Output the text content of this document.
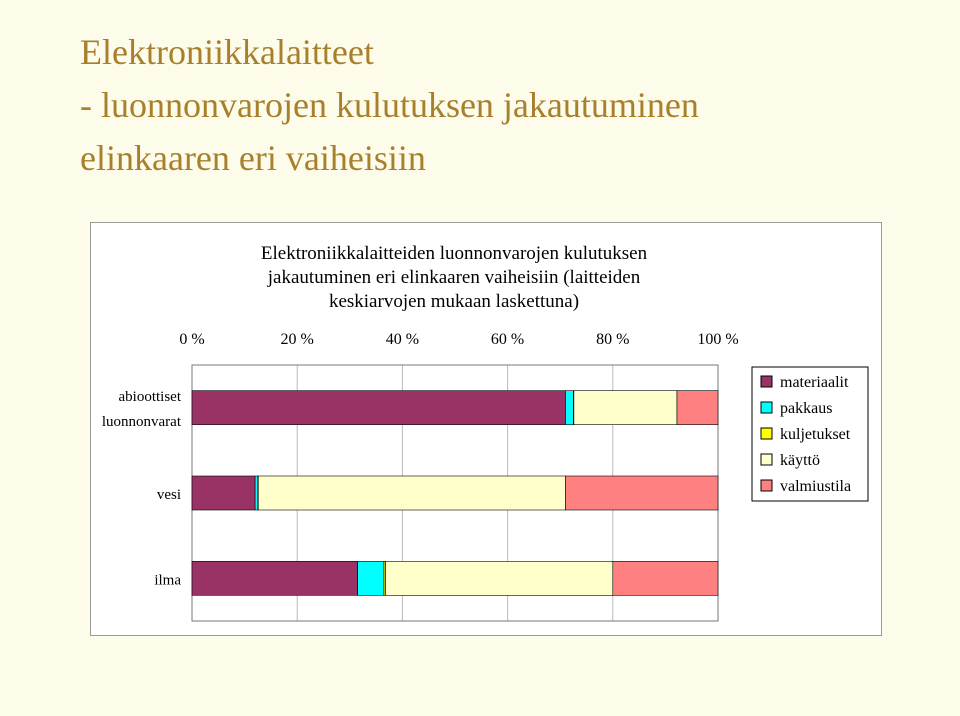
Elektroniikkalaitteet
- luonnonvarojen kulutuksen jakautuminen
elinkaaren eri vaiheisiin
Elektroniikkalaitteiden luonnonvarojen kulutuksen
jakautuminen eri elinkaaren vaiheisiin (laitteiden
keskiarvojen mukaan laskettuna)
0 %	20 %	40 %	60 %	80 %	100 %
abioottiset
luonnonvarat
vesi
ilma
materiaalit
pakkaus
kuljetukset
käyttö
valmiustila
